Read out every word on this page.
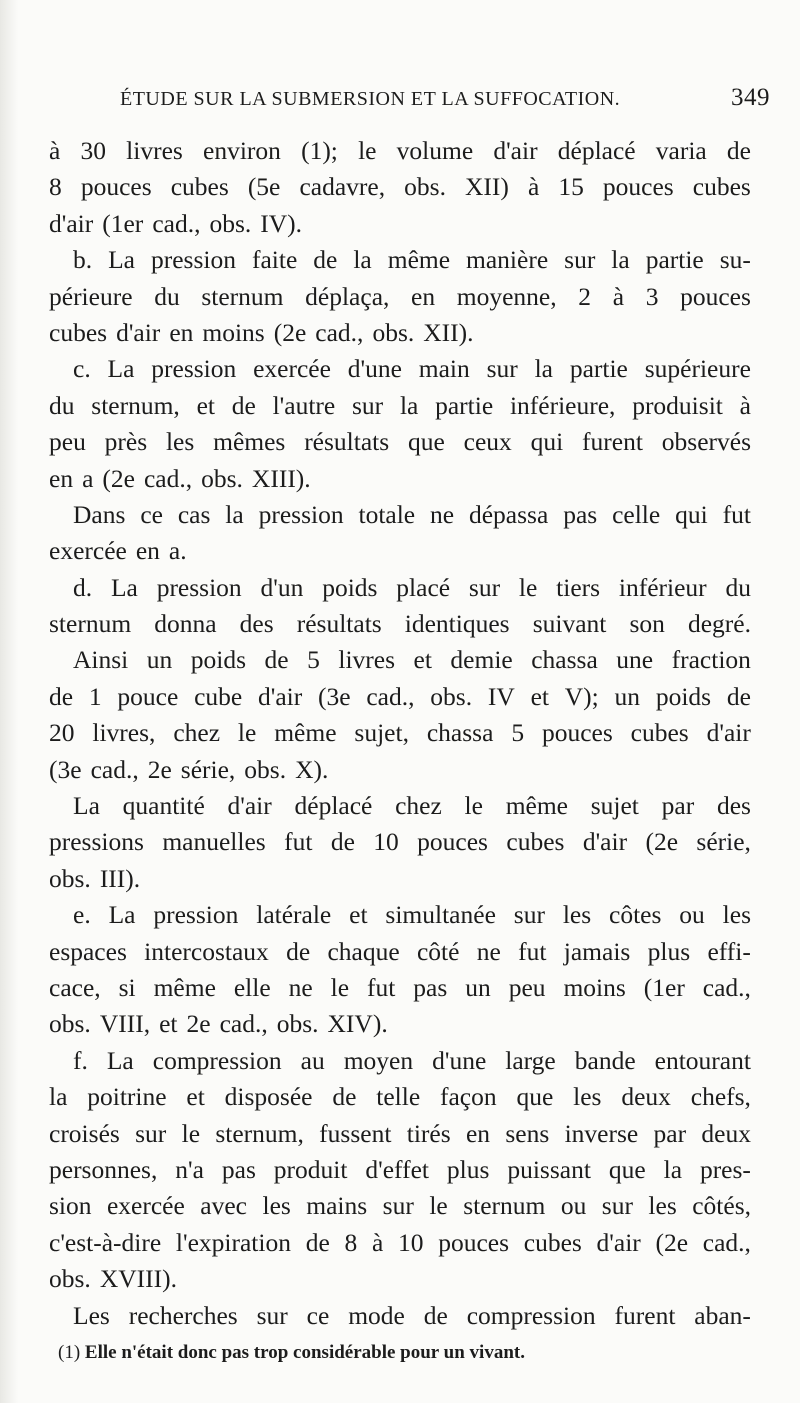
ÉTUDE SUR LA SUBMERSION ET LA SUFFOCATION.	349
à 30 livres environ (1); le volume d'air déplacé varia de
8 pouces cubes (5e cadavre, obs. XII) à 15 pouces cubes
d'air (1er cad., obs. IV).
b. La pression faite de la même manière sur la partie su-
périeure du sternum déplaça, en moyenne, 2 à 3 pouces
cubes d'air en moins (2e cad., obs. XII).
c. La pression exercée d'une main sur la partie supérieure
du sternum, et de l'autre sur la partie inférieure, produisit à
peu près les mêmes résultats que ceux qui furent observés
en a (2e cad., obs. XIII).
Dans ce cas la pression totale ne dépassa pas celle qui fut
exercée en a.
d. La pression d'un poids placé sur le tiers inférieur du
sternum donna des résultats identiques suivant son degré.
Ainsi un poids de 5 livres et demie chassa une fraction
de 1 pouce cube d'air (3e cad., obs. IV et V); un poids de
20 livres, chez le même sujet, chassa 5 pouces cubes d'air
(3e cad., 2e série, obs. X).
La quantité d'air déplacé chez le même sujet par des
pressions manuelles fut de 10 pouces cubes d'air (2e série,
obs. III).
e. La pression latérale et simultanée sur les côtes ou les
espaces intercostaux de chaque côté ne fut jamais plus effi-
cace, si même elle ne le fut pas un peu moins (1er cad.,
obs. VIII, et 2e cad., obs. XIV).
f. La compression au moyen d'une large bande entourant
la poitrine et disposée de telle façon que les deux chefs,
croisés sur le sternum, fussent tirés en sens inverse par deux
personnes, n'a pas produit d'effet plus puissant que la pres-
sion exercée avec les mains sur le sternum ou sur les côtés,
c'est-à-dire l'expiration de 8 à 10 pouces cubes d'air (2e cad.,
obs. XVIII).
Les recherches sur ce mode de compression furent aban-
(1) Elle n'était donc pas trop considérable pour un vivant.
